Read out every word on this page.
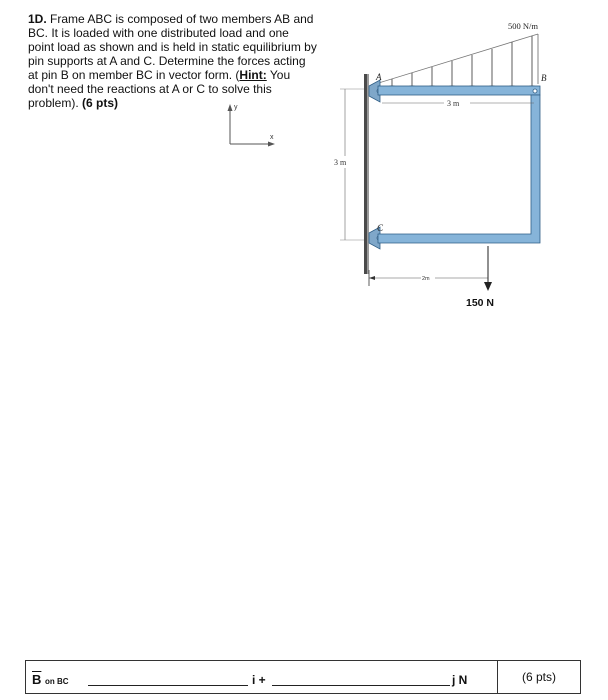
1D. Frame ABC is composed of two members AB and BC. It is loaded with one distributed load and one point load as shown and is held in static equilibrium by pin supports at A and C. Determine the forces acting at pin B on member BC in vector form. (Hint: You don't need the reactions at A or C to solve this problem). (6 pts)	y
x
500 N/m
A	B
C
3 m
3 m
2m
150 N
$\overline{B}$ on BC	i +	j N	(6 pts)
